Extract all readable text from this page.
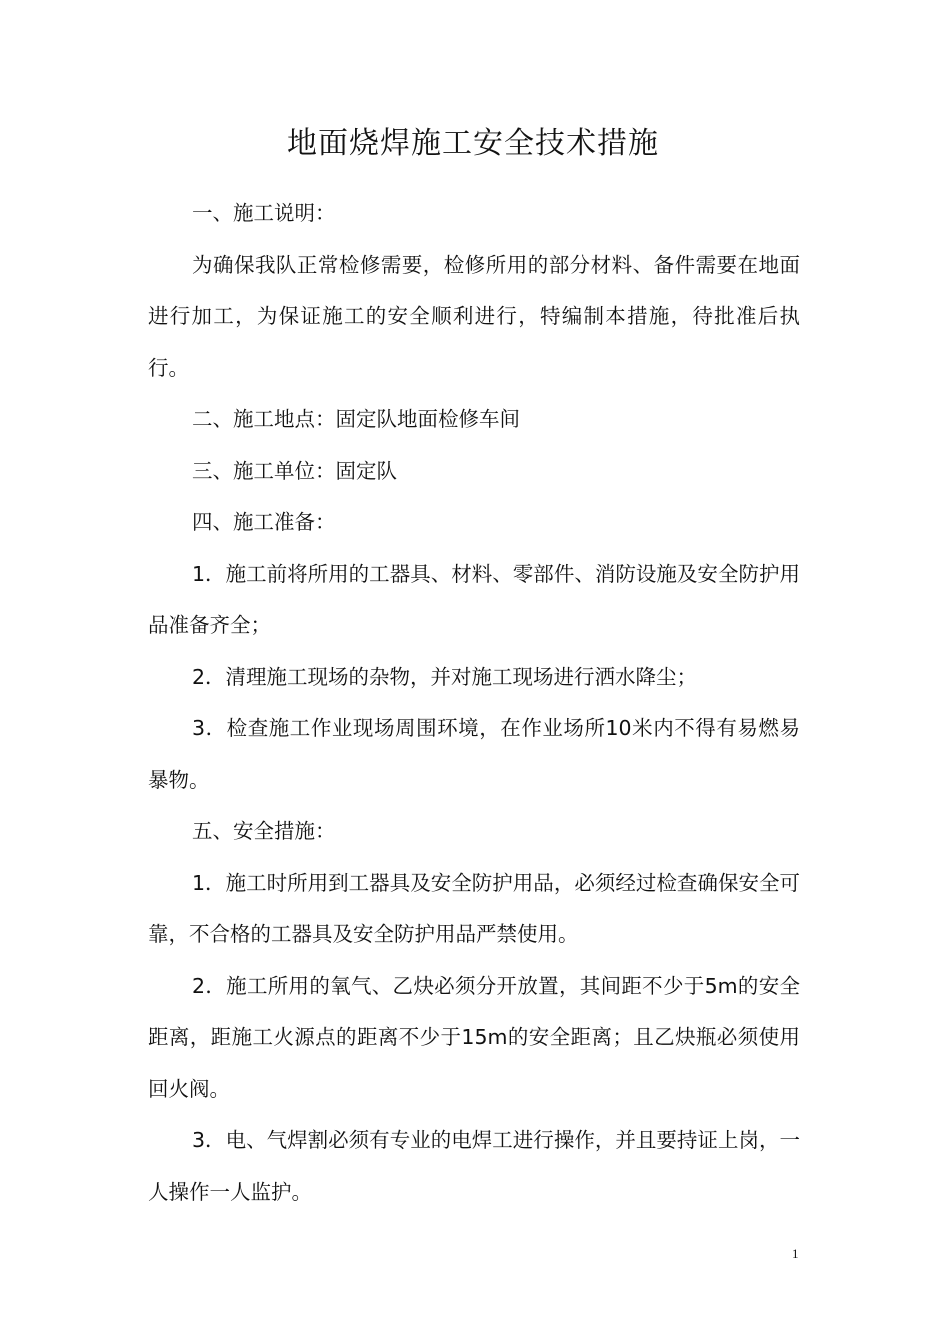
地面烧焊施工安全技术措施

一、施工说明：

为确保我队正常检修需要，检修所用的部分材料、备件需要在地面进行加工，为保证施工的安全顺利进行，特编制本措施，待批准后执行。

二、施工地点：固定队地面检修车间

三、施工单位：固定队

四、施工准备：

1．施工前将所用的工器具、材料、零部件、消防设施及安全防护用品准备齐全；

2．清理施工现场的杂物，并对施工现场进行洒水降尘；

3．检查施工作业现场周围环境，在作业场所10米内不得有易燃易暴物。

五、安全措施：

1．施工时所用到工器具及安全防护用品，必须经过检查确保安全可靠，不合格的工器具及安全防护用品严禁使用。

2．施工所用的氧气、乙炔必须分开放置，其间距不少于5m的安全距离，距施工火源点的距离不少于15m的安全距离；且乙炔瓶必须使用回火阀。

3．电、气焊割必须有专业的电焊工进行操作，并且要持证上岗，一人操作一人监护。

1
